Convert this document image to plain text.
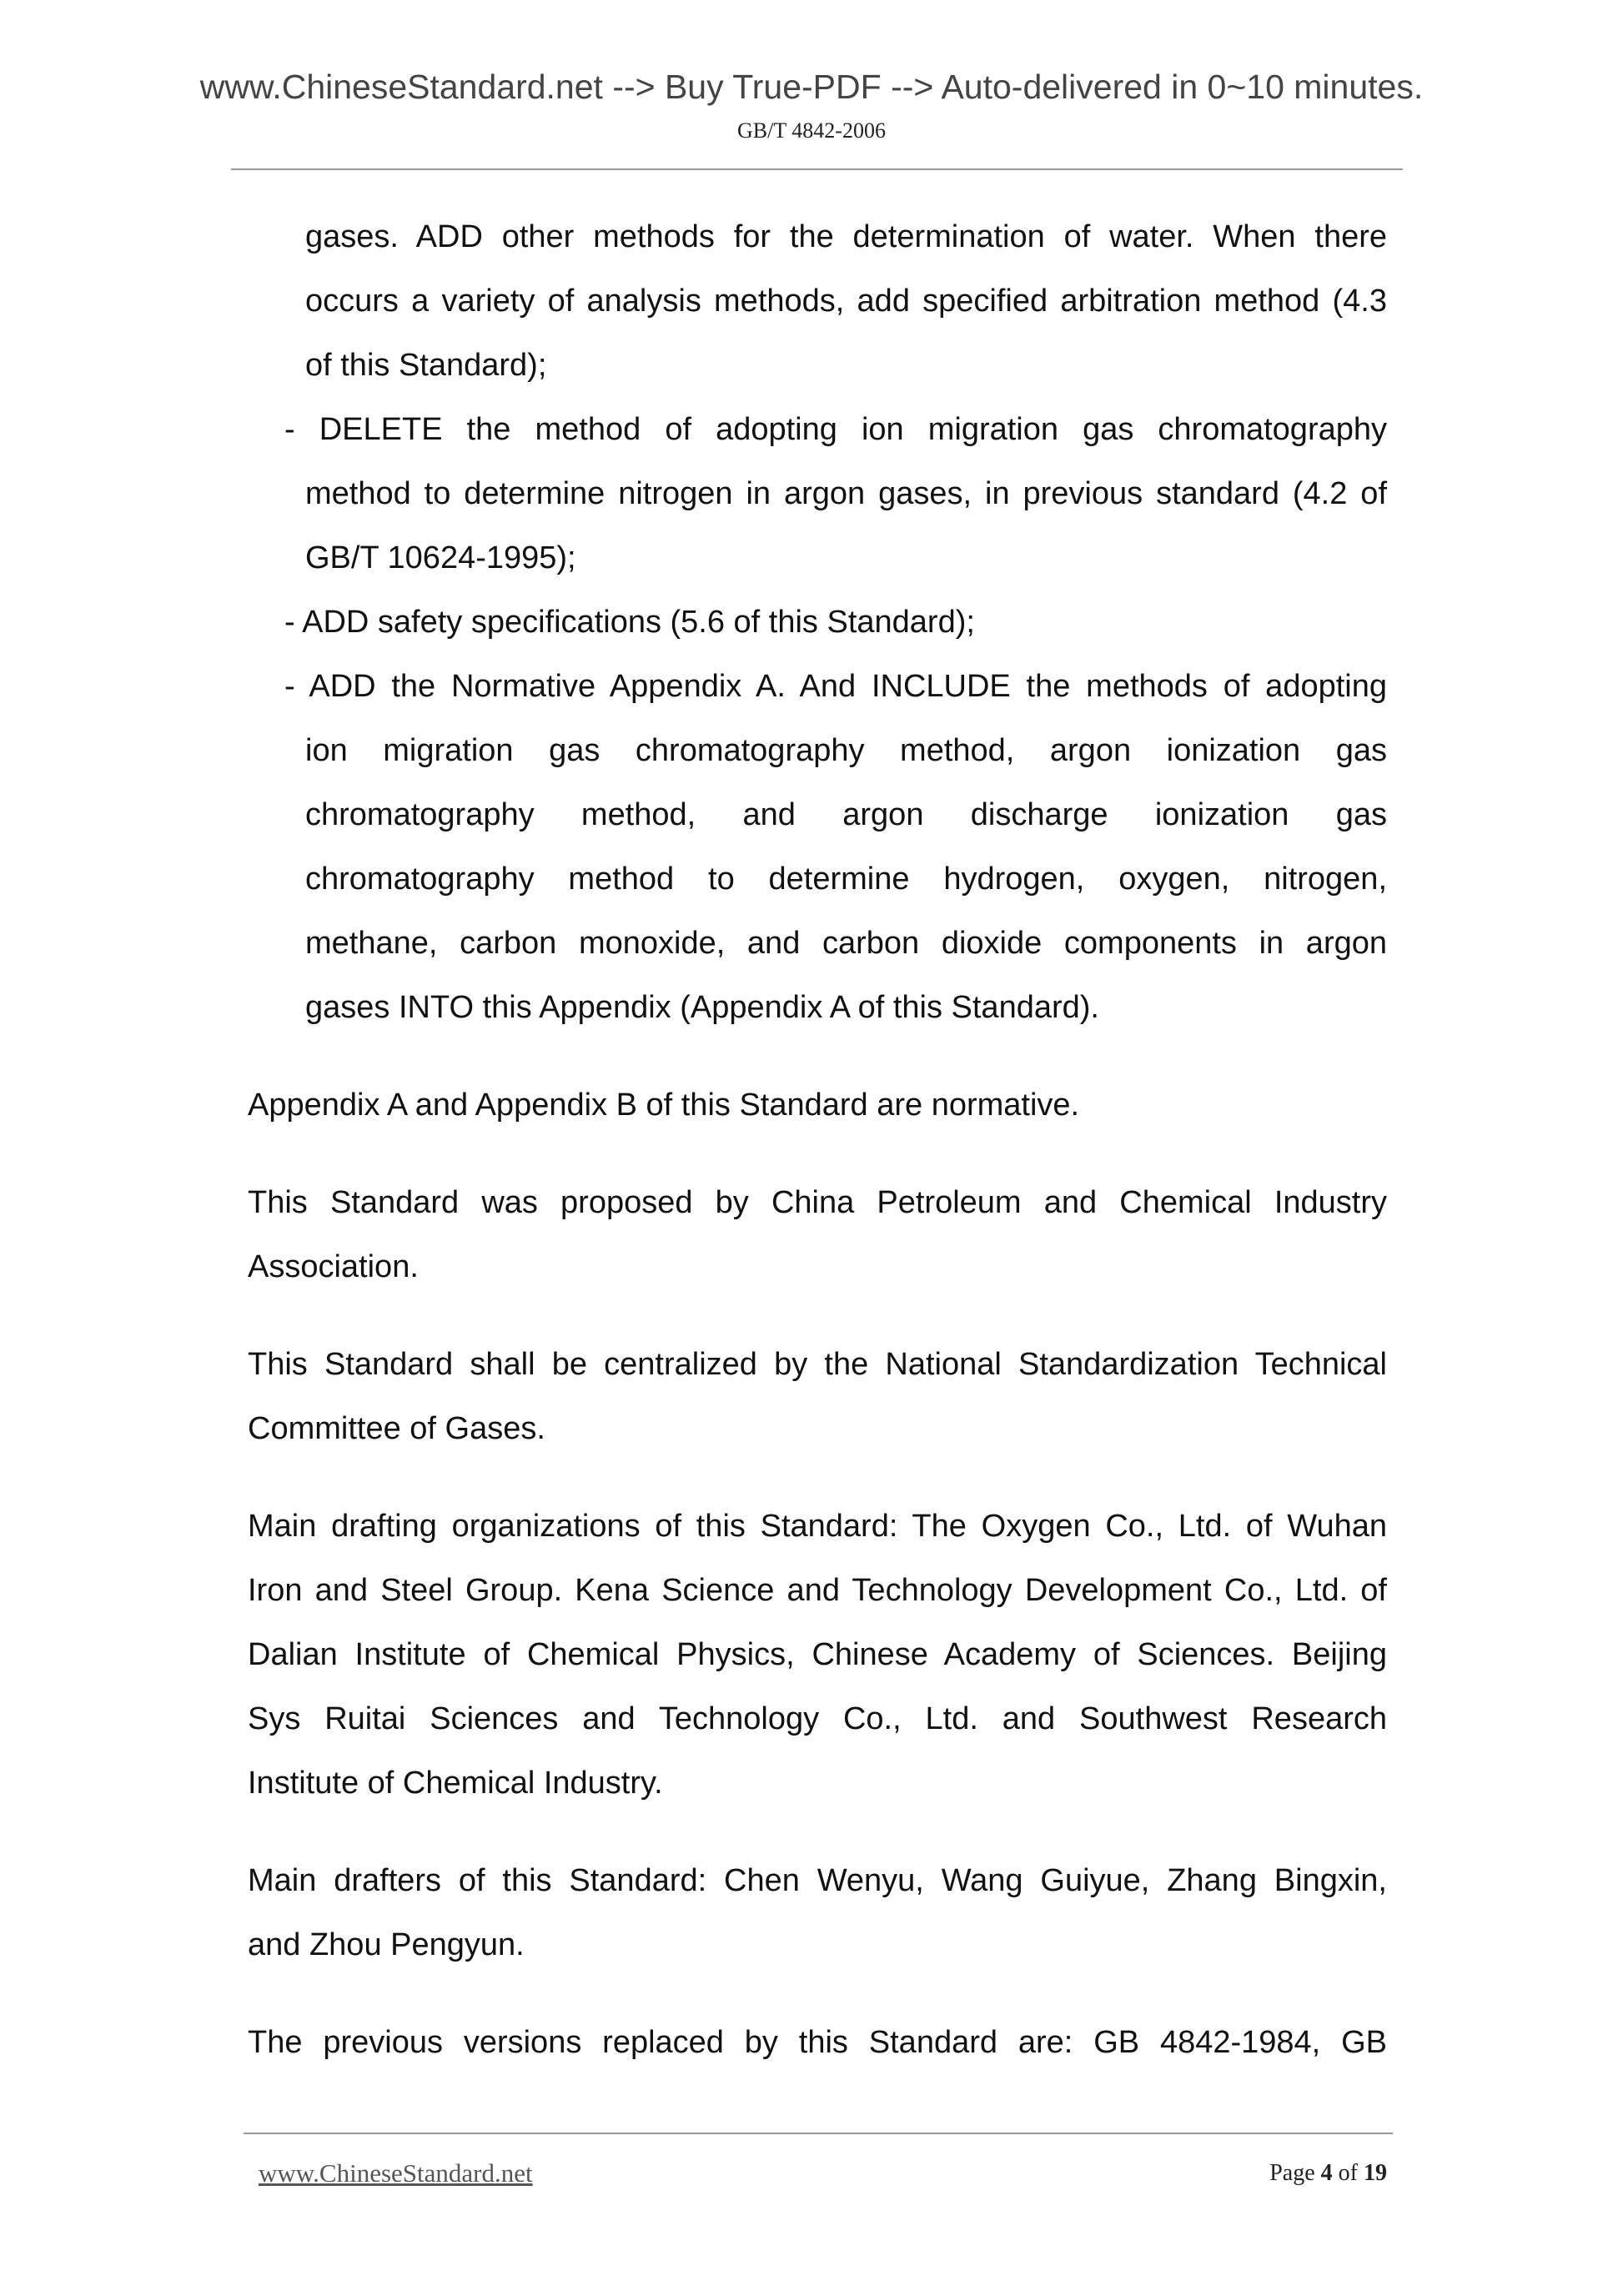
www.ChineseStandard.net --> Buy True-PDF --> Auto-delivered in 0~10 minutes.
GB/T 4842-2006
gases. ADD other methods for the determination of water. When there
occurs a variety of analysis methods, add specified arbitration method (4.3
of this Standard);
- DELETE the method of adopting ion migration gas chromatography
method to determine nitrogen in argon gases, in previous standard (4.2 of
GB/T 10624-1995);
- ADD safety specifications (5.6 of this Standard);
- ADD the Normative Appendix A. And INCLUDE the methods of adopting
ion migration gas chromatography method, argon ionization gas
chromatography method, and argon discharge ionization gas
chromatography method to determine hydrogen, oxygen, nitrogen,
methane, carbon monoxide, and carbon dioxide components in argon
gases INTO this Appendix (Appendix A of this Standard).
Appendix A and Appendix B of this Standard are normative.
This Standard was proposed by China Petroleum and Chemical Industry
Association.
This Standard shall be centralized by the National Standardization Technical
Committee of Gases.
Main drafting organizations of this Standard: The Oxygen Co., Ltd. of Wuhan
Iron and Steel Group. Kena Science and Technology Development Co., Ltd. of
Dalian Institute of Chemical Physics, Chinese Academy of Sciences. Beijing
Sys Ruitai Sciences and Technology Co., Ltd. and Southwest Research
Institute of Chemical Industry.
Main drafters of this Standard: Chen Wenyu, Wang Guiyue, Zhang Bingxin,
and Zhou Pengyun.
The previous versions replaced by this Standard are: GB 4842-1984, GB
www.ChineseStandard.net	Page 4 of 19
